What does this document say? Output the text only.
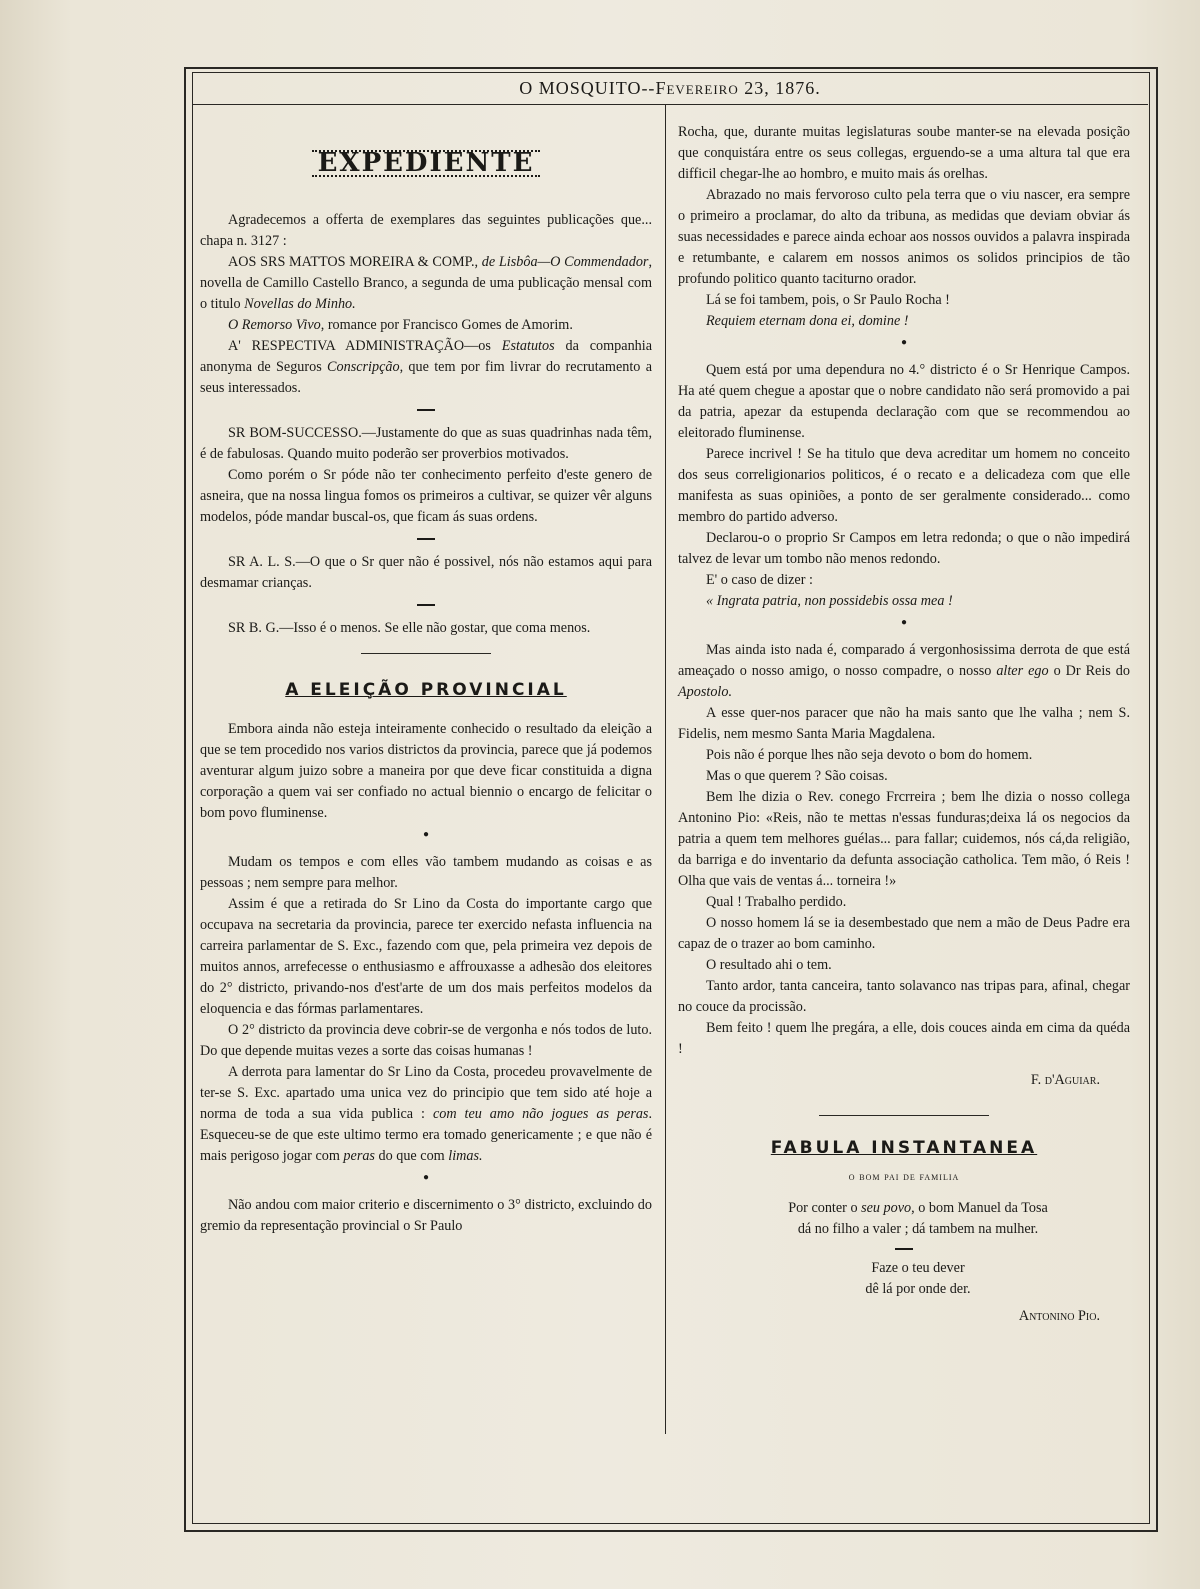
O MOSQUITO--Fevereiro 23, 1876.
EXPEDIENTE

Agradecemos a offerta de exemplares das seguintes publicações que... chapa n. 3127 :

AOS SRS MATTOS MOREIRA & COMP., de Lisbôa—O Commendador, novella de Camillo Castello Branco, a segunda de uma publicação mensal com o titulo Novellas do Minho.

O Remorso Vivo, romance por Francisco Gomes de Amorim.

A' RESPECTIVA ADMINISTRAÇÃO—os Estatutos da companhia anonyma de Seguros Conscripção, que tem por fim livrar do recrutamento a seus interessados.

SR BOM-SUCCESSO.—Justamente do que as suas quadrinhas nada têm, é de fabulosas. Quando muito poderão ser proverbios motivados.

Como porém o Sr póde não ter conhecimento perfeito d'este genero de asneira, que na nossa lingua fomos os primeiros a cultivar, se quizer vêr alguns modelos, póde mandar buscal-os, que ficam ás suas ordens.

SR A. L. S.—O que o Sr quer não é possivel, nós não estamos aqui para desmamar crianças.

SR B. G.—Isso é o menos. Se elle não gostar, que coma menos.

A ELEIÇÃO PROVINCIAL

Embora ainda não esteja inteiramente conhecido o resultado da eleição a que se tem procedido nos varios districtos da provincia, parece que já podemos aventurar algum juizo sobre a maneira por que deve ficar constituida a digna corporação a quem vai ser confiado no actual biennio o encargo de felicitar o bom povo fluminense.

●

Mudam os tempos e com elles vão tambem mudando as coisas e as pessoas ; nem sempre para melhor.

Assim é que a retirada do Sr Lino da Costa do importante cargo que occupava na secretaria da provincia, parece ter exercido nefasta influencia na carreira parlamentar de S. Exc., fazendo com que, pela primeira vez depois de muitos annos, arrefecesse o enthusiasmo e affrouxasse a adhesão dos eleitores do 2° districto, privando-nos d'est'arte de um dos mais perfeitos modelos da eloquencia e das fórmas parlamentares.

O 2° districto da provincia deve cobrir-se de vergonha e nós todos de luto. Do que depende muitas vezes a sorte das coisas humanas !

A derrota para lamentar do Sr Lino da Costa, procedeu provavelmente de ter-se S. Exc. apartado uma unica vez do principio que tem sido até hoje a norma de toda a sua vida publica : com teu amo não jogues as peras. Esqueceu-se de que este ultimo termo era tomado genericamente ; e que não é mais perigoso jogar com peras do que com limas.

●

Não andou com maior criterio e discernimento o 3° districto, excluindo do gremio da representação provincial o Sr Paulo

Rocha, que, durante muitas legislaturas soube manter-se na elevada posição que conquistára entre os seus collegas, erguendo-se a uma altura tal que era difficil chegar-lhe ao hombro, e muito mais ás orelhas.

Abrazado no mais fervoroso culto pela terra que o viu nascer, era sempre o primeiro a proclamar, do alto da tribuna, as medidas que deviam obviar ás suas necessidades e parece ainda echoar aos nossos ouvidos a palavra inspirada e retumbante, e calarem em nossos animos os solidos principios de tão profundo politico quanto taciturno orador.

Lá se foi tambem, pois, o Sr Paulo Rocha !

Requiem eternam dona ei, domine !

●

Quem está por uma dependura no 4.° districto é o Sr Henrique Campos. Ha até quem chegue a apostar que o nobre candidato não será promovido a pai da patria, apezar da estupenda declaração com que se recommendou ao eleitorado fluminense.

Parece incrivel ! Se ha titulo que deva acreditar um homem no conceito dos seus correligionarios politicos, é o recato e a delicadeza com que elle manifesta as suas opiniões, a ponto de ser geralmente considerado... como membro do partido adverso.

Declarou-o o proprio Sr Campos em letra redonda; o que o não impedirá talvez de levar um tombo não menos redondo.

E' o caso de dizer :

« Ingrata patria, non possidebis ossa mea !

●

Mas ainda isto nada é, comparado á vergonhosissima derrota de que está ameaçado o nosso amigo, o nosso compadre, o nosso alter ego o Dr Reis do Apostolo.

A esse quer-nos paracer que não ha mais santo que lhe valha ; nem S. Fidelis, nem mesmo Santa Maria Magdalena.

Pois não é porque lhes não seja devoto o bom do homem.

Mas o que querem ? São coisas.

Bem lhe dizia o Rev. conego Frcrreira ; bem lhe dizia o nosso collega Antonino Pio: «Reis, não te mettas n'essas funduras;deixa lá os negocios da patria a quem tem melhores guélas... para fallar; cuidemos, nós cá,da religião, da barriga e do inventario da defunta associação catholica. Tem mão, ó Reis ! Olha que vais de ventas á... torneira !»

Qual ! Trabalho perdido.

O nosso homem lá se ia desembestado que nem a mão de Deus Padre era capaz de o trazer ao bom caminho.

O resultado ahi o tem.

Tanto ardor, tanta canceira, tanto solavanco nas tripas para, afinal, chegar no couce da procissão.

Bem feito ! quem lhe pregára, a elle, dois couces ainda em cima da quéda !

F. d'Aguiar.
FABULA INSTANTANEA
o bom pai de familia

Por conter o seu povo, o bom Manuel da Tosa

dá no filho a valer ; dá tambem na mulher.

Faze o teu dever

dê lá por onde der.

Antonino Pio.
